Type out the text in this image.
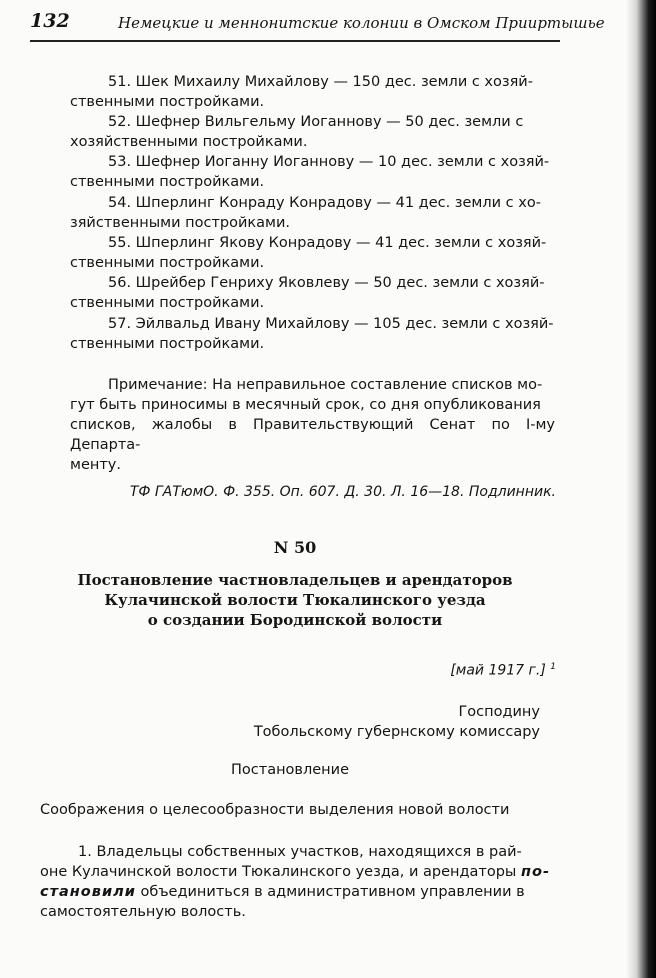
132	Немецкие и меннонитские колонии в Омском Прииртышье
51. Шек Михаилу Михайлову — 150 дес. земли с хозяй-
ственными постройками.
52. Шефнер Вильгельму Иоганнову — 50 дес. земли с
хозяйственными постройками.
53. Шефнер Иоганну Иоганнову — 10 дес. земли с хозяй-
ственными постройками.
54. Шперлинг Конраду Конрадову — 41 дес. земли с хо-
зяйственными постройками.
55. Шперлинг Якову Конрадову — 41 дес. земли с хозяй-
ственными постройками.
56. Шрейбер Генриху Яковлеву — 50 дес. земли с хозяй-
ственными постройками.
57. Эйлвальд Ивану Михайлову — 105 дес. земли с хозяй-
ственными постройками.
Примечание: На неправильное составление списков мо-
гут быть приносимы в месячный срок, со дня опубликования
списков, жалобы в Правительствующий Сенат по I-му Департа-
менту.
ТФ ГАТюмО. Ф. 355. Оп. 607. Д. 30. Л. 16—18. Подлинник.
N 50
Постановление частновладельцев и арендаторов
Кулачинской волости Тюкалинского уезда
о создании Бородинской волости
[май 1917 г.] $^1$
Господину
Тобольскому губернскому комиссару
Постановление
Соображения о целесообразности выделения новой волости
1. Владельцы собственных участков, находящихся в рай-
оне Кулачинской волости Тюкалинского уезда, и арендаторы по-
становили объединиться в административном управлении в
самостоятельную волость.
